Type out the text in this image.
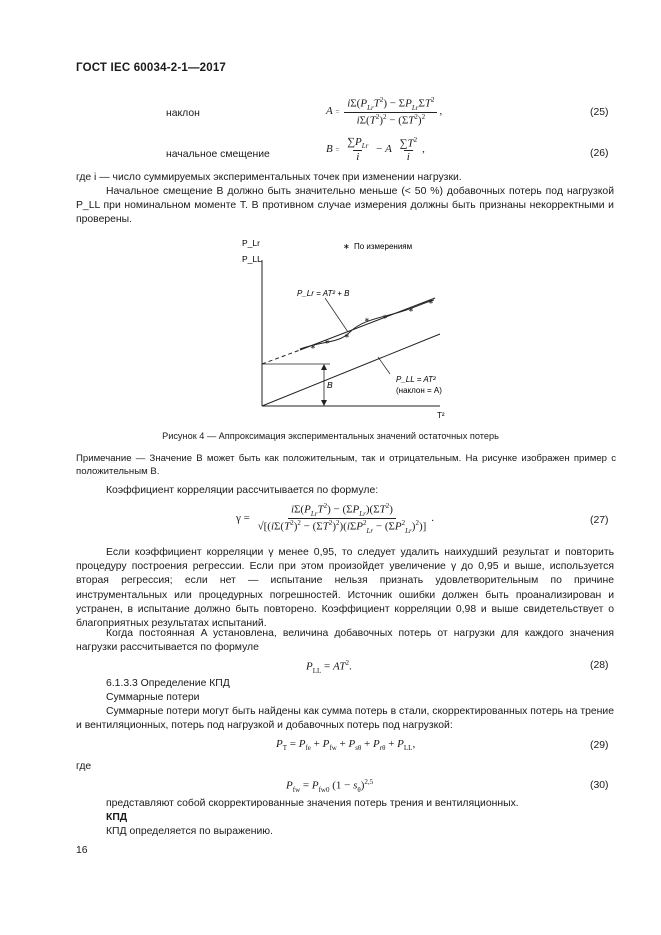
ГОСТ IEC 60034-2-1—2017
наклон	$A = \frac{i\Sigma(P_{Lr}T^2) - \Sigma P_{Lr}\Sigma T^2}{i\Sigma(T^2)^2 - (\Sigma T^2)^2}$ ,	(25)
начальное смещение	$B = \frac{\sum P_{Lr}}{i} - A \frac{\sum T^2}{i}$ ,	(26)
где i — число суммируемых экспериментальных точек при изменении нагрузки.
Начальное смещение B должно быть значительно меньше (< 50 %) добавочных потерь под нагрузкой P_LL при номинальном моменте T. В противном случае измерения должны быть признаны некорректными и проверены.
P_Lr
P_LL
∗ По измерениям
P_Lr = AT² + B
∗
∗
∗
∗ ∗
∗
∗
B
P_LL = AT²
(наклон = A)
T²
Рисунок 4 — Аппроксимация экспериментальных значений остаточных потерь
Примечание — Значение B может быть как положительным, так и отрицательным. На рисунке изображен пример с положительным B.
Коэффициент корреляции рассчитывается по формуле:
$\gamma = \frac{i\Sigma(P_{Lr}T^2) - (\Sigma P_{Lr})(\Sigma T^2)}{√[(i\Sigma(T^2)^2 - (\Sigma T^2)^2)(i\Sigma P^2_{Lr} - (\Sigma P^2_{Lr})^2)]}$ .	(27)
Если коэффициент корреляции γ менее 0,95, то следует удалить наихудший результат и повторить процедуру построения регрессии. Если при этом произойдет увеличение γ до 0,95 и выше, используется вторая регрессия; если нет — испытание нельзя признать удовлетворительным по причине инструментальных или процедурных погрешностей. Источник ошибки должен быть проанализирован и устранен, в испытание должно быть повторено. Коэффициент корреляции 0,98 и выше свидетельствует о благоприятных результатах испытаний.
Когда постоянная A установлена, величина добавочных потерь от нагрузки для каждого значения нагрузки рассчитывается по формуле
$P_{LL} = AT^2$.	(28)
6.1.3.3 Определение КПД
Суммарные потери
Суммарные потери могут быть найдены как сумма потерь в стали, скорректированных потерь на трение и вентиляционных, потерь под нагрузкой и добавочных потерь под нагрузкой:
$P_T = P_{fe} + P_{fw} + P_{s\theta} + P_{r\theta} + P_{LL}$,	(29)
где
$P_{fw} = P_{fw0}$ $(1 - s_\theta)^{2,5}$	(30)
представляют собой скорректированные значения потерь трения и вентиляционных.
КПД
КПД определяется по выражению.
16
